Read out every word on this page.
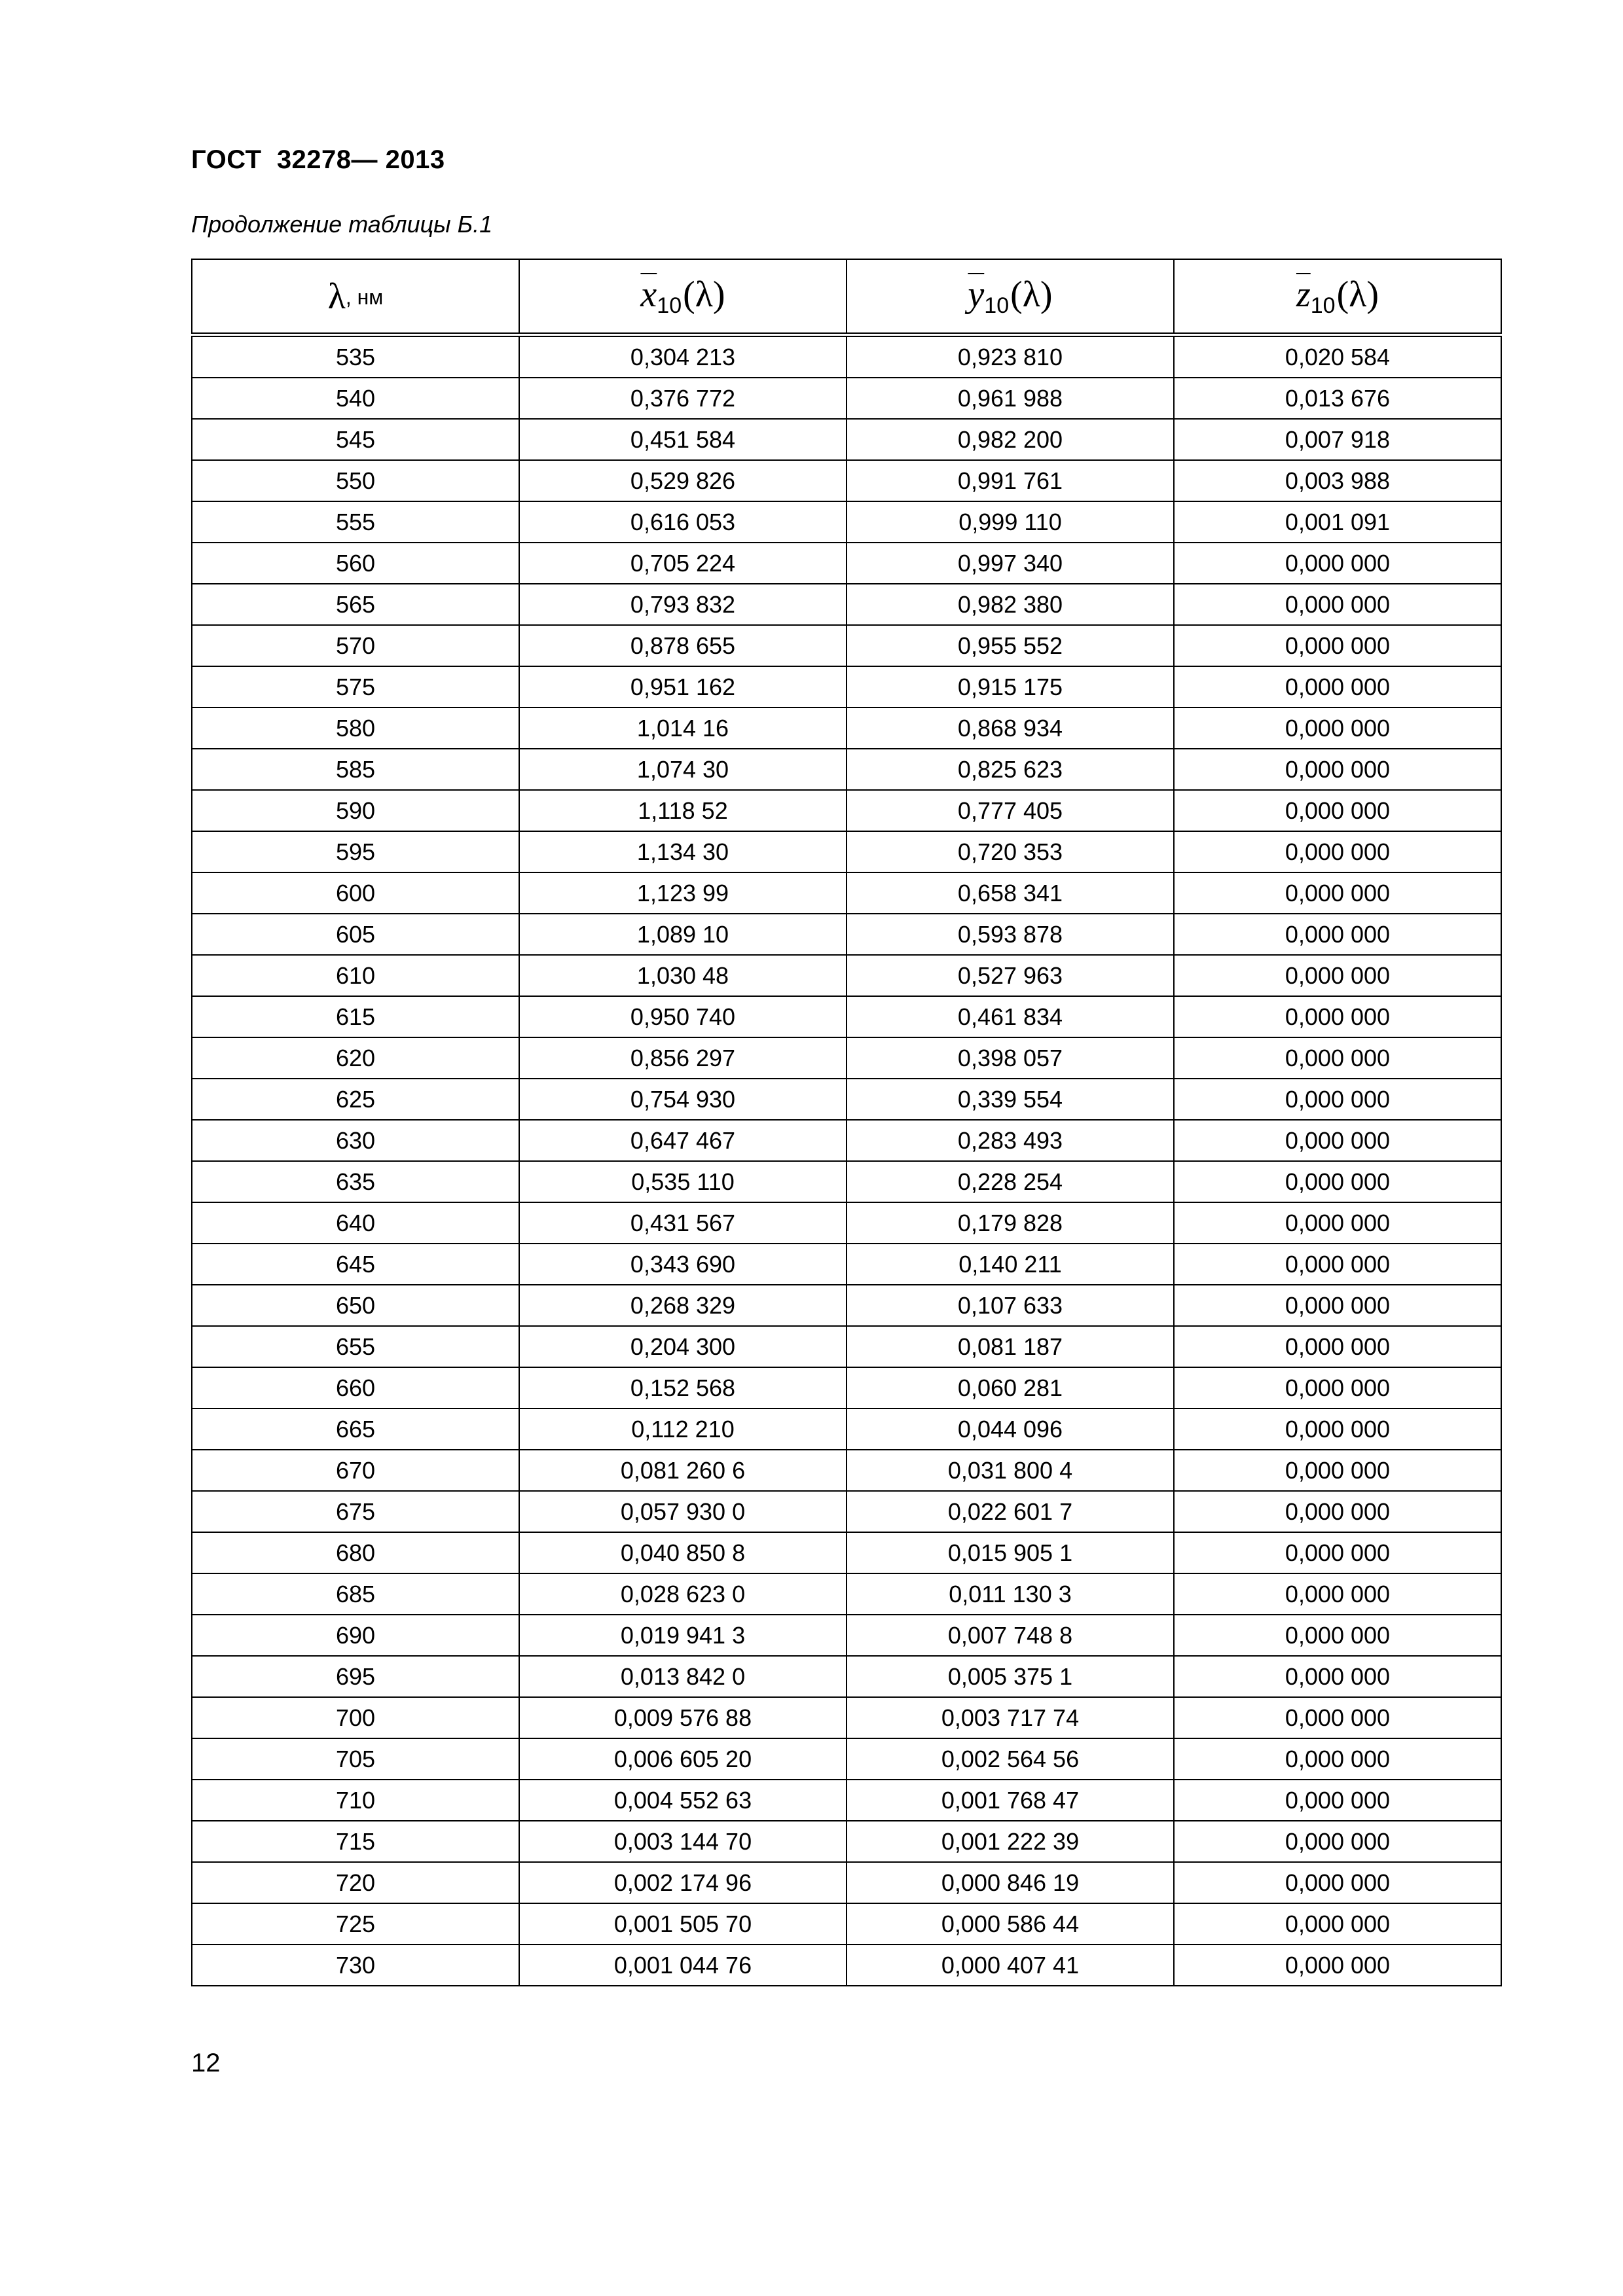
ГОСТ  32278— 2013
Продолжение таблицы Б.1
λ, нм	$\overline{x}_{10}(\lambda)$	$\overline{y}_{10}(\lambda)$	$\overline{z}_{10}(\lambda)$
535	0,304 213	0,923 810	0,020 584
540	0,376 772	0,961 988	0,013 676
545	0,451 584	0,982 200	0,007 918
550	0,529 826	0,991 761	0,003 988
555	0,616 053	0,999 110	0,001 091
560	0,705 224	0,997 340	0,000 000
565	0,793 832	0,982 380	0,000 000
570	0,878 655	0,955 552	0,000 000
575	0,951 162	0,915 175	0,000 000
580	1,014 16	0,868 934	0,000 000
585	1,074 30	0,825 623	0,000 000
590	1,118 52	0,777 405	0,000 000
595	1,134 30	0,720 353	0,000 000
600	1,123 99	0,658 341	0,000 000
605	1,089 10	0,593 878	0,000 000
610	1,030 48	0,527 963	0,000 000
615	0,950 740	0,461 834	0,000 000
620	0,856 297	0,398 057	0,000 000
625	0,754 930	0,339 554	0,000 000
630	0,647 467	0,283 493	0,000 000
635	0,535 110	0,228 254	0,000 000
640	0,431 567	0,179 828	0,000 000
645	0,343 690	0,140 211	0,000 000
650	0,268 329	0,107 633	0,000 000
655	0,204 300	0,081 187	0,000 000
660	0,152 568	0,060 281	0,000 000
665	0,112 210	0,044 096	0,000 000
670	0,081 260 6	0,031 800 4	0,000 000
675	0,057 930 0	0,022 601 7	0,000 000
680	0,040 850 8	0,015 905 1	0,000 000
685	0,028 623 0	0,011 130 3	0,000 000
690	0,019 941 3	0,007 748 8	0,000 000
695	0,013 842 0	0,005 375 1	0,000 000
700	0,009 576 88	0,003 717 74	0,000 000
705	0,006 605 20	0,002 564 56	0,000 000
710	0,004 552 63	0,001 768 47	0,000 000
715	0,003 144 70	0,001 222 39	0,000 000
720	0,002 174 96	0,000 846 19	0,000 000
725	0,001 505 70	0,000 586 44	0,000 000
730	0,001 044 76	0,000 407 41	0,000 000
12
